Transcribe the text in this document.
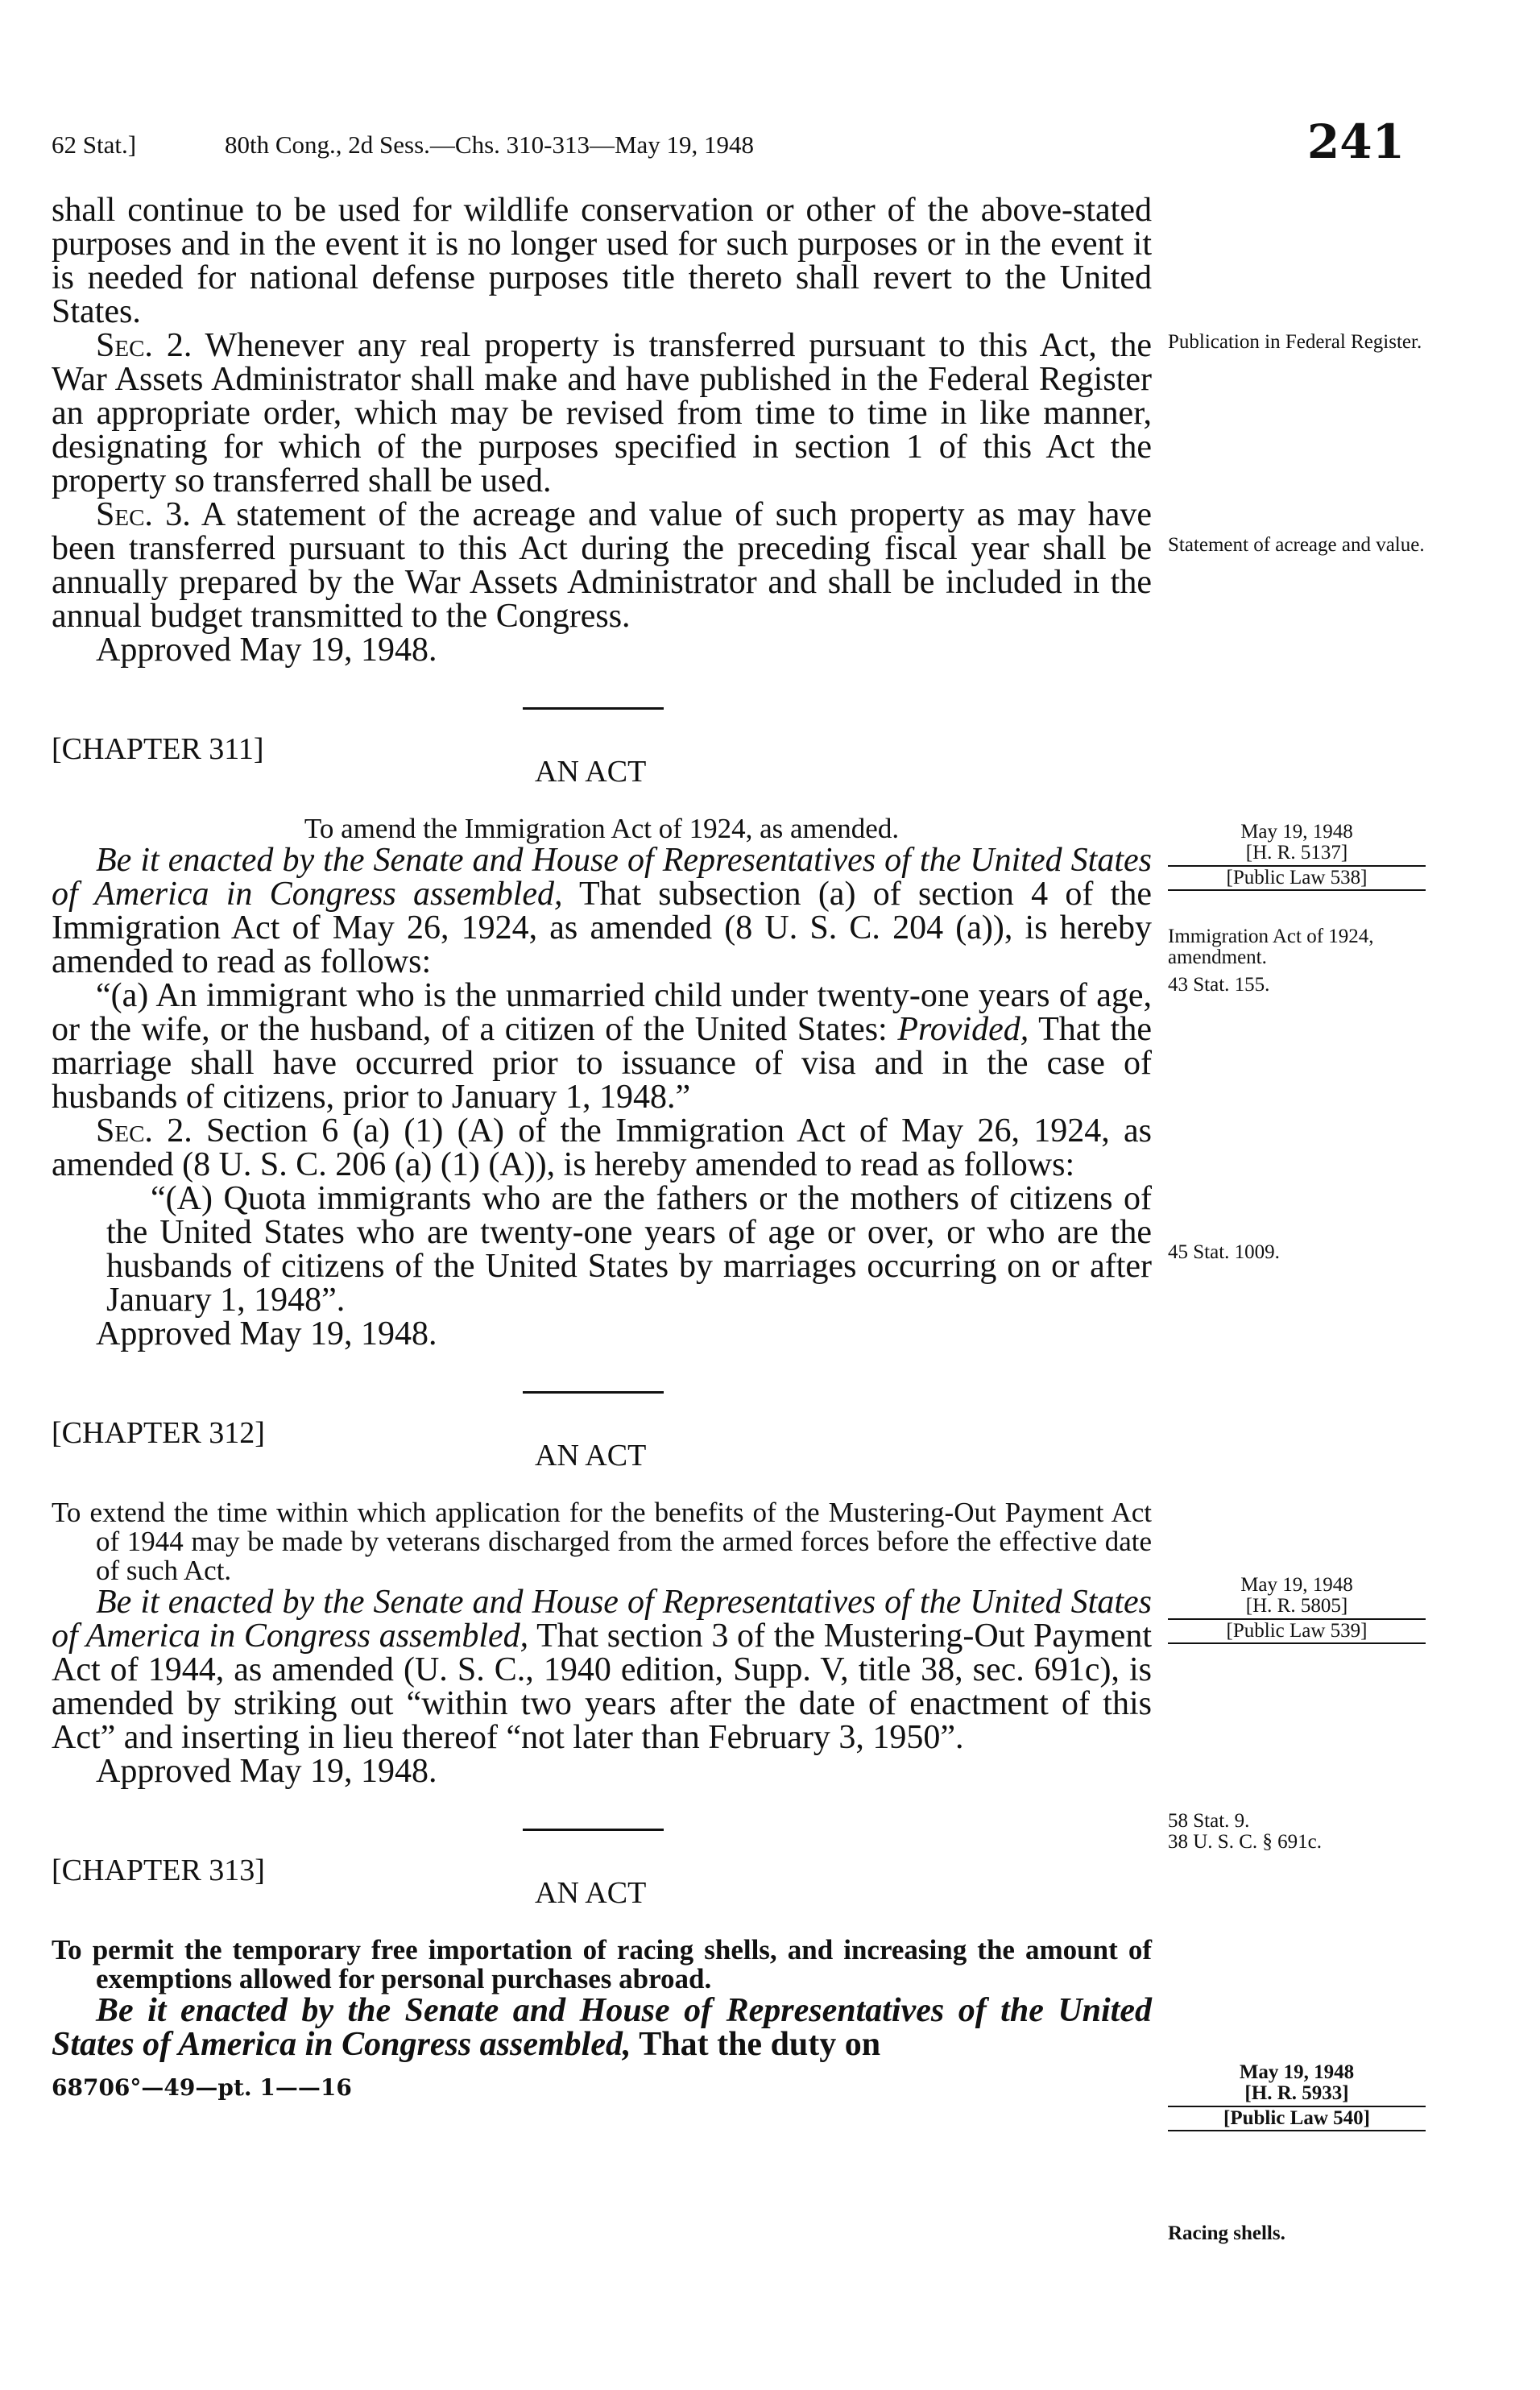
62 Stat.]	80th Cong., 2d Sess.—Chs. 310-313—May 19, 1948	241

shall continue to be used for wildlife conservation or other of the above-stated purposes and in the event it is no longer used for such purposes or in the event it is needed for national defense purposes title thereto shall revert to the United States.

Sec. 2. Whenever any real property is transferred pursuant to this Act, the War Assets Administrator shall make and have published in the Federal Register an appropriate order, which may be revised from time to time in like manner, designating for which of the purposes specified in section 1 of this Act the property so transferred shall be used.

Sec. 3. A statement of the acreage and value of such property as may have been transferred pursuant to this Act during the preceding fiscal year shall be annually prepared by the War Assets Administrator and shall be included in the annual budget transmitted to the Congress.

Approved May 19, 1948.

[CHAPTER 311]
AN ACT

To amend the Immigration Act of 1924, as amended.

Be it enacted by the Senate and House of Representatives of the United States of America in Congress assembled, That subsection (a) of section 4 of the Immigration Act of May 26, 1924, as amended (8 U. S. C. 204 (a)), is hereby amended to read as follows:

“(a) An immigrant who is the unmarried child under twenty-one years of age, or the wife, or the husband, of a citizen of the United States: Provided, That the marriage shall have occurred prior to issuance of visa and in the case of husbands of citizens, prior to January 1, 1948.”

Sec. 2. Section 6 (a) (1) (A) of the Immigration Act of May 26, 1924, as amended (8 U. S. C. 206 (a) (1) (A)), is hereby amended to read as follows:

“(A) Quota immigrants who are the fathers or the mothers of citizens of the United States who are twenty-one years of age or over, or who are the husbands of citizens of the United States by marriages occurring on or after January 1, 1948”.

Approved May 19, 1948.

[CHAPTER 312]
AN ACT

To extend the time within which application for the benefits of the Mustering-Out Payment Act of 1944 may be made by veterans discharged from the armed forces before the effective date of such Act.

Be it enacted by the Senate and House of Representatives of the United States of America in Congress assembled, That section 3 of the Mustering-Out Payment Act of 1944, as amended (U. S. C., 1940 edition, Supp. V, title 38, sec. 691c), is amended by striking out “within two years after the date of enactment of this Act” and inserting in lieu thereof “not later than February 3, 1950”.

Approved May 19, 1948.

[CHAPTER 313]
AN ACT

To permit the temporary free importation of racing shells, and increasing the amount of exemptions allowed for personal purchases abroad.

Be it enacted by the Senate and House of Representatives of the United States of America in Congress assembled, That the duty on

68706°—49—pt. 1——16
Publication in Federal Register.
Statement of acreage and value.
May 19, 1948
[H. R. 5137]
[Public Law 538]
Immigration Act of 1924, amendment.
43 Stat. 155.
45 Stat. 1009.
May 19, 1948
[H. R. 5805]
[Public Law 539]
58 Stat. 9.
38 U. S. C. § 691c.
May 19, 1948
[H. R. 5933]
[Public Law 540]
Racing shells.
